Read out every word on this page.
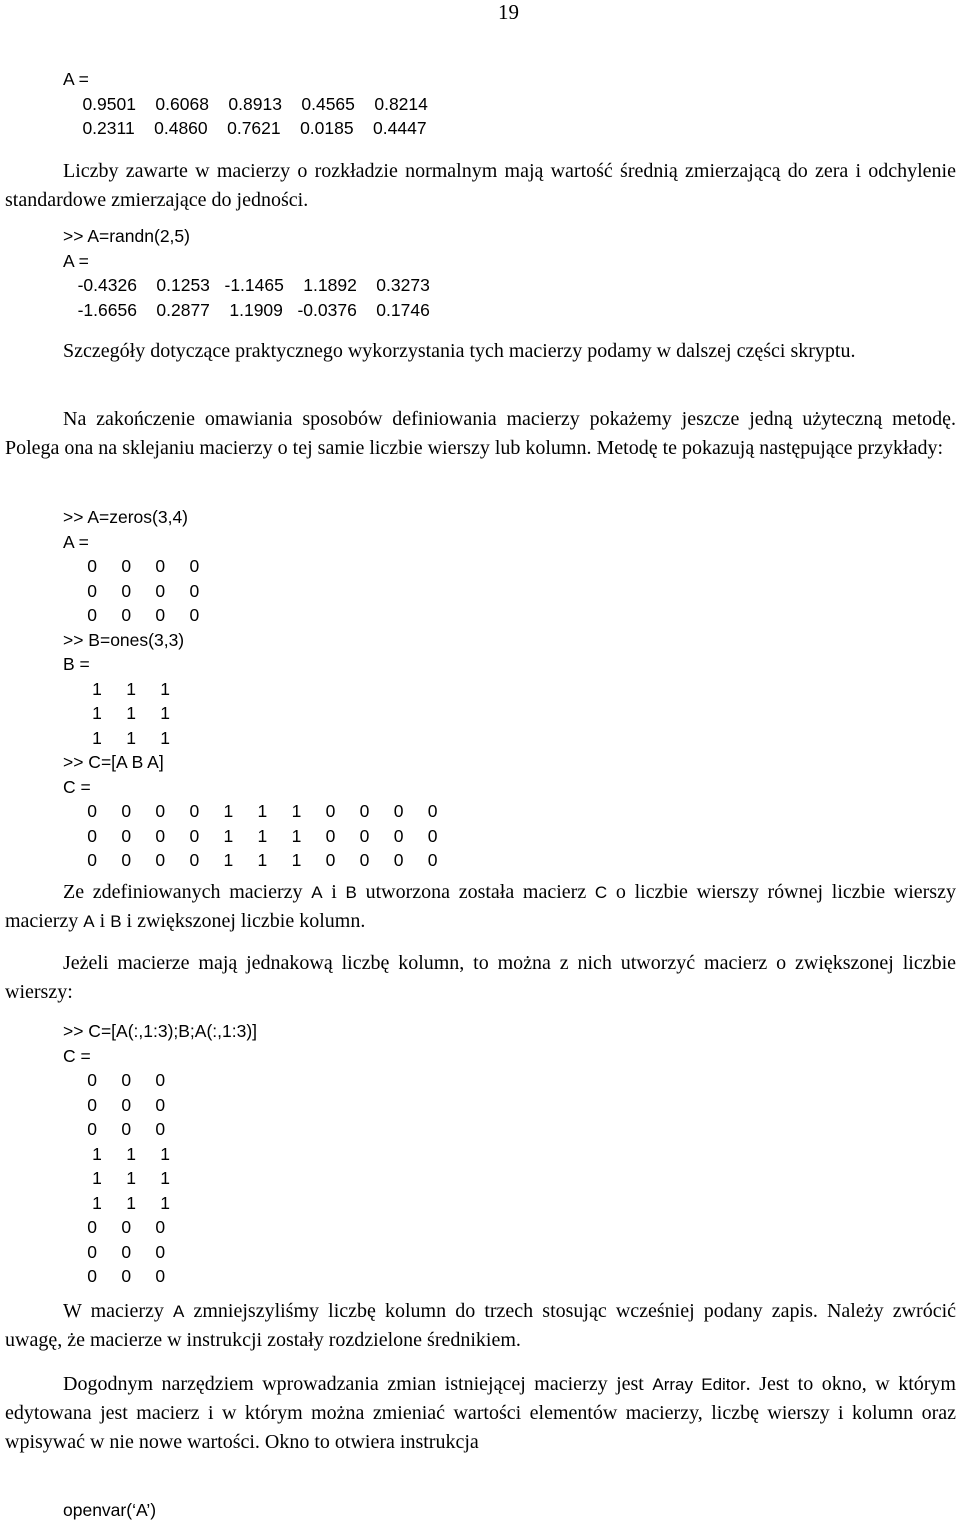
19
A =
0.9501    0.6068    0.8913    0.4565    0.8214
0.2311    0.4860    0.7621    0.0185    0.4447

Liczby zawarte w macierzy o rozkładzie normalnym mają wartość średnią zmierzającą do zera i odchylenie standardowe zmierzające do jedności.

>> A=randn(2,5)
A =
-0.4326    0.1253   -1.1465    1.1892    0.3273
-1.6656    0.2877    1.1909   -0.0376    0.1746

Szczegóły dotyczące praktycznego wykorzystania tych macierzy podamy w dalszej części skryptu.

Na zakończenie omawiania sposobów definiowania macierzy pokażemy jeszcze jedną użyteczną metodę. Polega ona na sklejaniu macierzy o tej samie liczbie wierszy lub kolumn. Metodę te pokazują następujące przykłady:

>> A=zeros(3,4)
A =
0     0     0     0
0     0     0     0
0     0     0     0
>> B=ones(3,3)
B =
1     1     1
1     1     1
1     1     1
>> C=[A B A]
C =
0     0     0     0     1     1     1     0     0     0     0
0     0     0     0     1     1     1     0     0     0     0
0     0     0     0     1     1     1     0     0     0     0

Ze zdefiniowanych macierzy A i B utworzona została macierz C o liczbie wierszy równej liczbie wierszy macierzy A i B i zwiększonej liczbie kolumn.

Jeżeli macierze mają jednakową liczbę kolumn, to można z nich utworzyć macierz o zwiększonej liczbie wierszy:

>> C=[A(:,1:3);B;A(:,1:3)]
C =
0     0     0
0     0     0
0     0     0
1     1     1
1     1     1
1     1     1
0     0     0
0     0     0
0     0     0

W macierzy A zmniejszyliśmy liczbę kolumn do trzech stosując wcześniej podany zapis. Należy zwrócić uwagę, że macierze w instrukcji zostały rozdzielone średnikiem.

Dogodnym narzędziem wprowadzania zmian istniejącej macierzy jest Array Editor. Jest to okno, w którym edytowana jest macierz i w którym można zmieniać wartości elementów macierzy, liczbę wierszy i kolumn oraz wpisywać w nie nowe wartości. Okno to otwiera instrukcja

openvar(‘A’)
